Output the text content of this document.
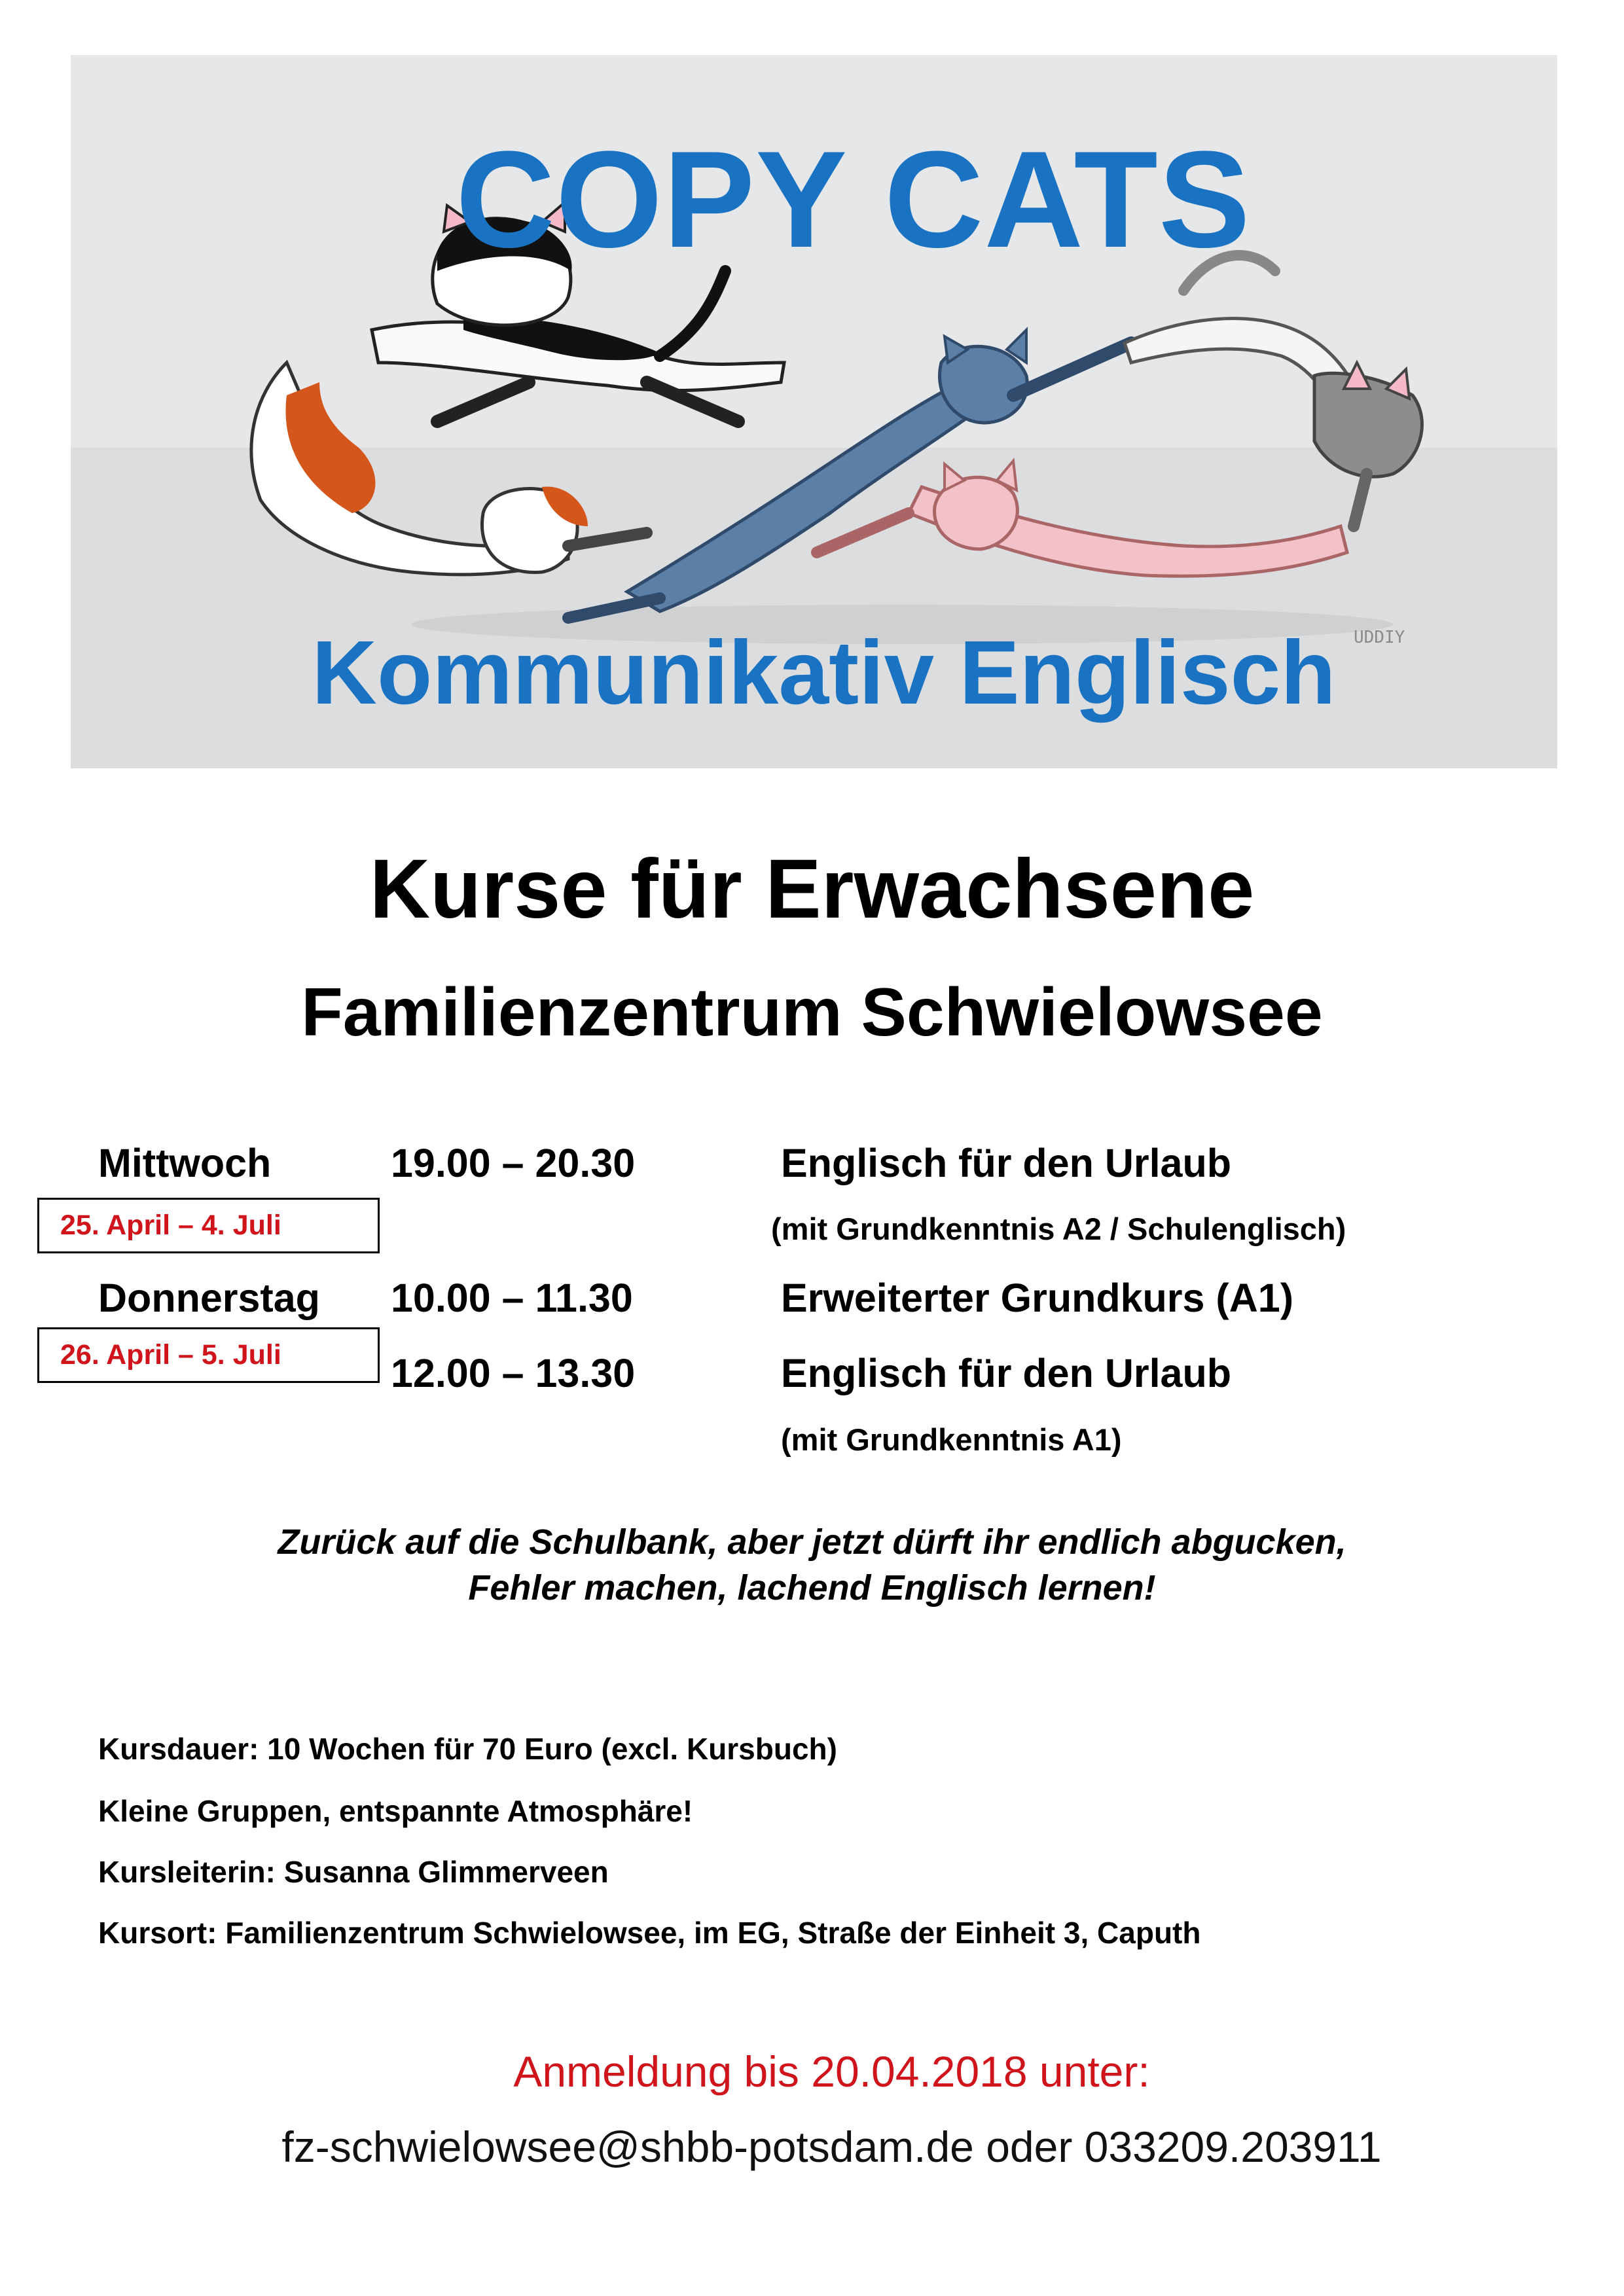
COPY CATS
Kommunikativ Englisch	UDDIY
Kurse für Erwachsene
Familienzentrum Schwielowsee
Mittwoch	19.00 – 20.30	Englisch für den Urlaub
25. April – 4. Juli	(mit Grundkenntnis A2 / Schulenglisch)
Donnerstag 10.00 – 11.30	Erweiterter Grundkurs (A1)
26. April – 5. Juli	12.00 – 13.30	Englisch für den Urlaub
(mit Grundkenntnis A1)
Zurück auf die Schulbank, aber jetzt dürft ihr endlich abgucken,
Fehler machen, lachend Englisch lernen!
Kursdauer: 10 Wochen für 70 Euro (excl. Kursbuch)
Kleine Gruppen, entspannte Atmosphäre!
Kursleiterin: Susanna Glimmerveen
Kursort: Familienzentrum Schwielowsee, im EG, Straße der Einheit 3, Caputh
Anmeldung bis 20.04.2018 unter:
fz-schwielowsee@shbb-potsdam.de oder 033209.203911
